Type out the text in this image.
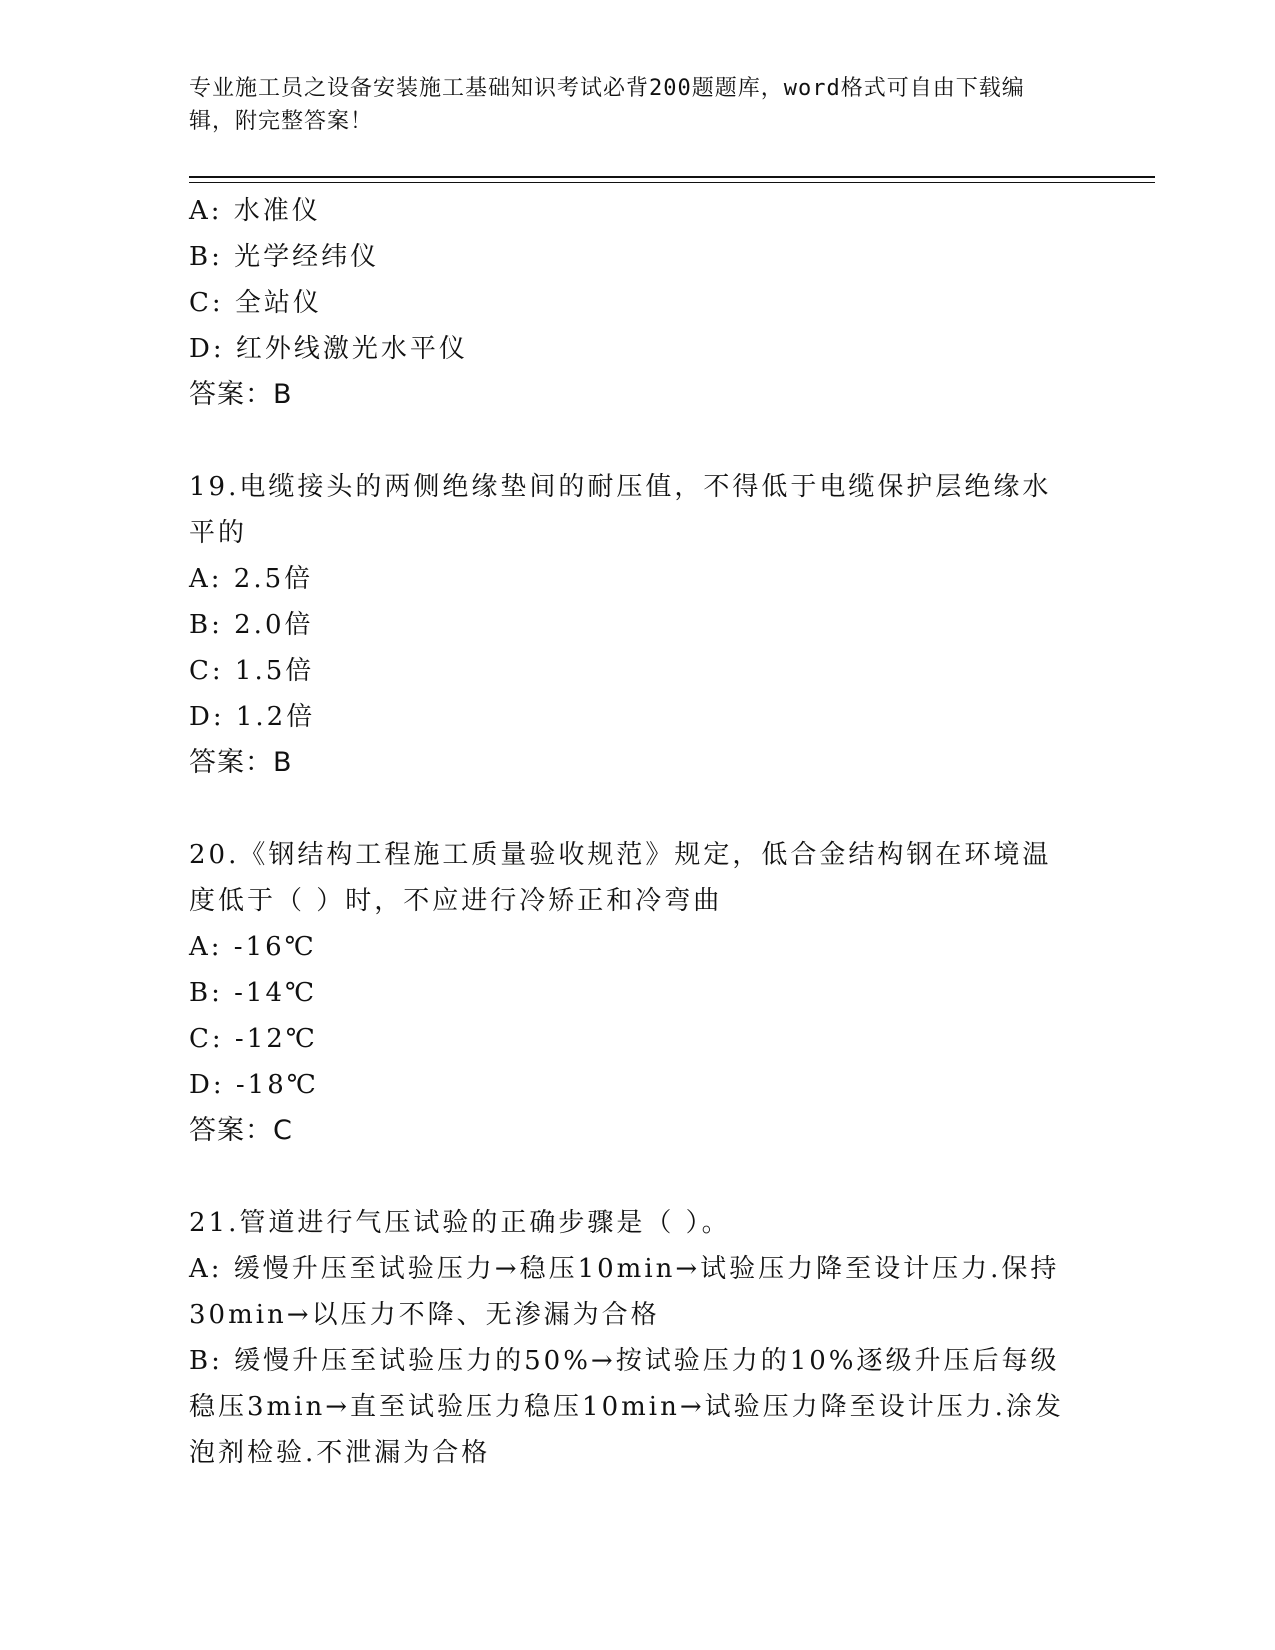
专业施工员之设备安装施工基础知识考试必背200题题库，word格式可自由下载编辑，附完整答案！
A: 水准仪
B: 光学经纬仪
C: 全站仪
D: 红外线激光水平仪
答案：B
19.电缆接头的两侧绝缘垫间的耐压值，不得低于电缆保护层绝缘水平的
A: 2.5倍
B: 2.0倍
C: 1.5倍
D: 1.2倍
答案：B
20.《钢结构工程施工质量验收规范》规定，低合金结构钢在环境温度低于（ ）时，不应进行冷矫正和冷弯曲
A: -16℃
B: -14℃
C: -12℃
D: -18℃
答案：C
21.管道进行气压试验的正确步骤是（ ）。
A: 缓慢升压至试验压力→稳压10min→试验压力降至设计压力.保持30min→以压力不降、无渗漏为合格
B: 缓慢升压至试验压力的50%→按试验压力的10%逐级升压后每级稳压3min→直至试验压力稳压10min→试验压力降至设计压力.涂发泡剂检验.不泄漏为合格
